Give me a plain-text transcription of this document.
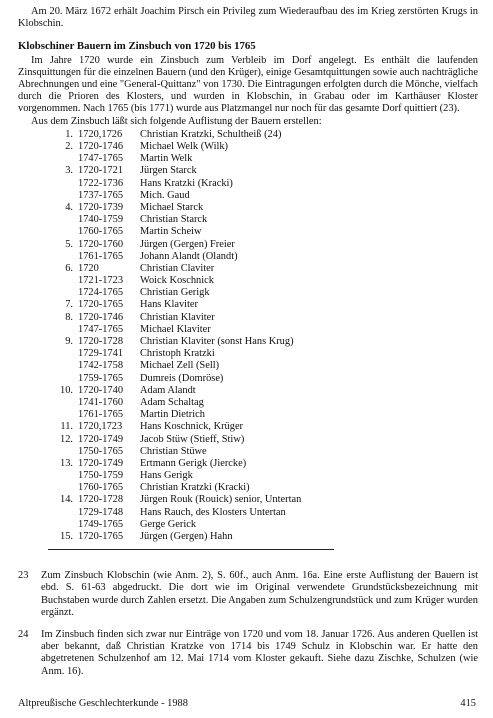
Am 20. März 1672 erhält Joachim Pirsch ein Privileg zum Wiederaufbau des im Krieg zerstörten Krugs in Klobschin.

Klobschiner Bauern im Zinsbuch von 1720 bis 1765

Im Jahre 1720 wurde ein Zinsbuch zum Verbleib im Dorf angelegt. Es enthält die laufenden Zinsquittungen für die einzelnen Bauern (und den Krüger), einige Gesamtquittungen sowie auch nachträgliche Abrechnungen und eine "General-Quittanz" von 1730. Die Eintragungen erfolgten durch die Mönche, vielfach durch die Prioren des Klosters, und wurden in Klobschin, in Grabau oder im Karthäuser Kloster vorgenommen. Nach 1765 (bis 1771) wurde aus Platzmangel nur noch für das gesamte Dorf quittiert (23).

Aus dem Zinsbuch läßt sich folgende Auflistung der Bauern erstellen:

1. 1720,1726	Christian Kratzki, Schultheiß (24)
2. 1720-1746	Michael Welk (Wilk)
1747-1765	Martin Welk
3. 1720-1721	Jürgen Starck
1722-1736	Hans Kratzki (Kracki)
1737-1765	Mich. Gaud
4. 1720-1739	Michael Starck
1740-1759	Christian Starck
1760-1765	Martin Scheiw
5. 1720-1760	Jürgen (Gergen) Freier
1761-1765	Johann Alandt (Olandt)
6. 1720	Christian Claviter
1721-1723	Woick Koschnick
1724-1765	Christian Gerigk
7. 1720-1765	Hans Klaviter
8. 1720-1746	Christian Klaviter
1747-1765	Michael Klaviter
9. 1720-1728	Christian Klaviter (sonst Hans Krug)
1729-1741	Christoph Kratzki
1742-1758	Michael Zell (Sell)
1759-1765	Dumreis (Domröse)
10. 1720-1740	Adam Alandt
1741-1760	Adam Schaltag
1761-1765	Martin Dietrich
11. 1720,1723	Hans Koschnick, Krüger
12. 1720-1749	Jacob Stüw (Stieff, Stiw)
1750-1765	Christian Stüwe
13. 1720-1749	Ertmann Gerigk (Jiercke)
1750-1759	Hans Gerigk
1760-1765	Christian Kratzki (Kracki)
14. 1720-1728	Jürgen Rouk (Rouick) senior, Untertan
1729-1748	Hans Rauch, des Klosters Untertan
1749-1765	Gerge Gerick
15. 1720-1765	Jürgen (Gergen) Hahn
23	Zum Zinsbuch Klobschin (wie Anm. 2), S. 60f., auch Anm. 16a. Eine erste Auflistung der Bauern ist ebd. S. 61-63 abgedruckt. Die dort wie im Original verwendete Grundstücksbezeichnung mit Buchstaben wurde durch Zahlen ersetzt. Die Angaben zum Schulzengrundstück und zum Krüger wurden ergänzt.
24	Im Zinsbuch finden sich zwar nur Einträge von 1720 und vom 18. Januar 1726. Aus anderen Quellen ist aber bekannt, daß Christian Kratzke von 1714 bis 1749 Schulz in Klobschin war. Er hatte den abgetretenen Schulzenhof am 12. Mai 1714 vom Kloster gekauft. Siehe dazu Zischke, Schulzen (wie Anm. 16).
Altpreußische Geschlechterkunde - 1988	415
